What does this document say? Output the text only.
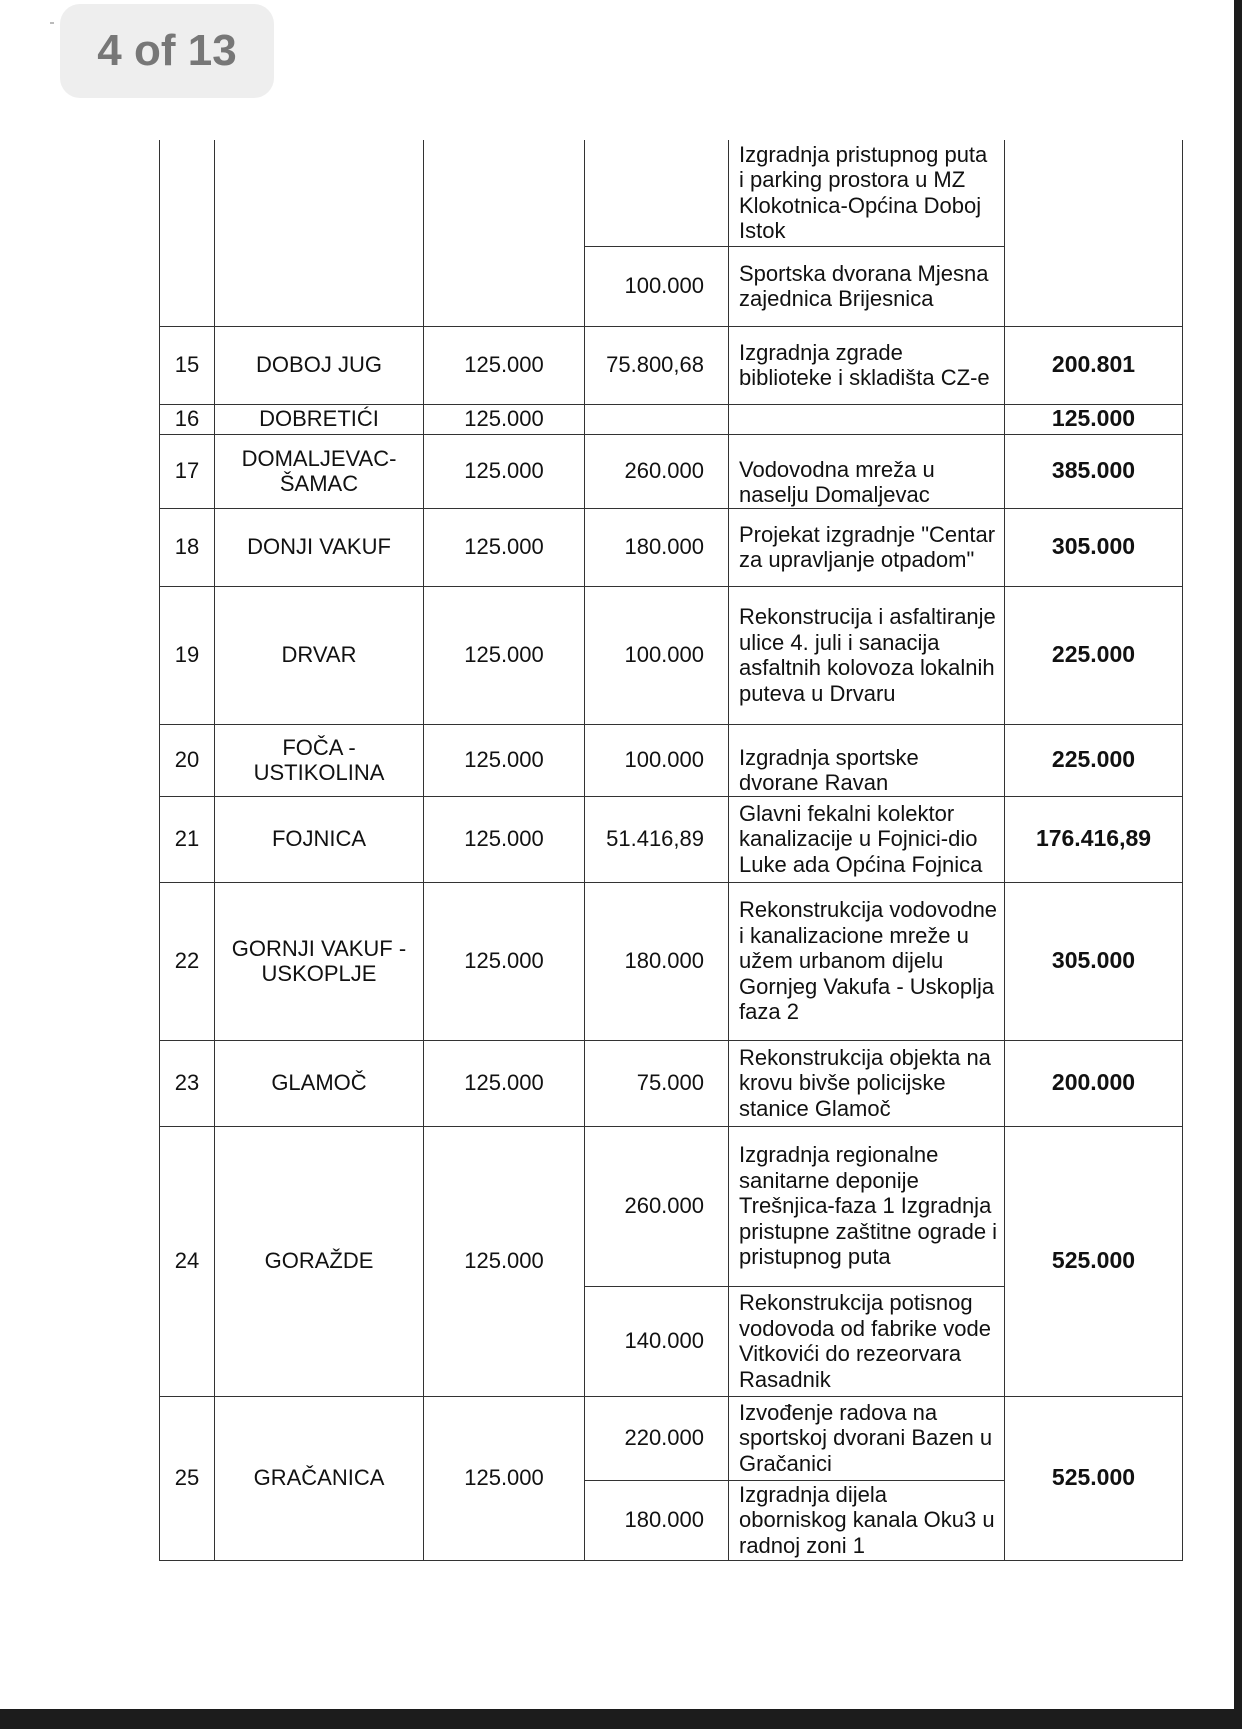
4 of 13
				Izgradnja pristupnog puta i parking prostora u MZ Klokotnica-Općina Doboj Istok	
			100.000	Sportska dvorana Mjesna zajednica Brijesnica	
15	DOBOJ JUG	125.000	75.800,68	Izgradnja zgrade biblioteke i skladišta CZ-e	200.801
16	DOBRETIĆI	125.000			125.000
17	DOMALJEVAC-ŠAMAC	125.000	260.000	Vodovodna mreža u naselju Domaljevac	385.000
18	DONJI VAKUF	125.000	180.000	Projekat izgradnje "Centar za upravljanje otpadom"	305.000
19	DRVAR	125.000	100.000	Rekonstrucija i asfaltiranje ulice 4. juli i sanacija asfaltnih kolovoza lokalnih puteva u Drvaru	225.000
20	FOČA - USTIKOLINA	125.000	100.000	Izgradnja sportske dvorane Ravan	225.000
21	FOJNICA	125.000	51.416,89	Glavni fekalni kolektor kanalizacije u Fojnici-dio Luke ada Općina Fojnica	176.416,89
22	GORNJI VAKUF - USKOPLJE	125.000	180.000	Rekonstrukcija vodovodne i kanalizacione mreže u užem urbanom dijelu Gornjeg Vakufa - Uskoplja faza 2	305.000
23	GLAMOČ	125.000	75.000	Rekonstrukcija objekta na krovu bivše policijske stanice Glamoč	200.000
24	GORAŽDE	125.000	260.000	Izgradnja regionalne sanitarne deponije Trešnjica-faza 1 Izgradnja pristupne zaštitne ograde i pristupnog puta	525.000
			140.000	Rekonstrukcija potisnog vodovoda od fabrike vode Vitkovići do rezeorvara Rasadnik	
25	GRAČANICA	125.000	220.000	Izvođenje radova na sportskoj dvorani Bazen u Gračanici	525.000
			180.000	Izgradnja dijela oborniskog kanala Oku3 u radnoj zoni 1	
